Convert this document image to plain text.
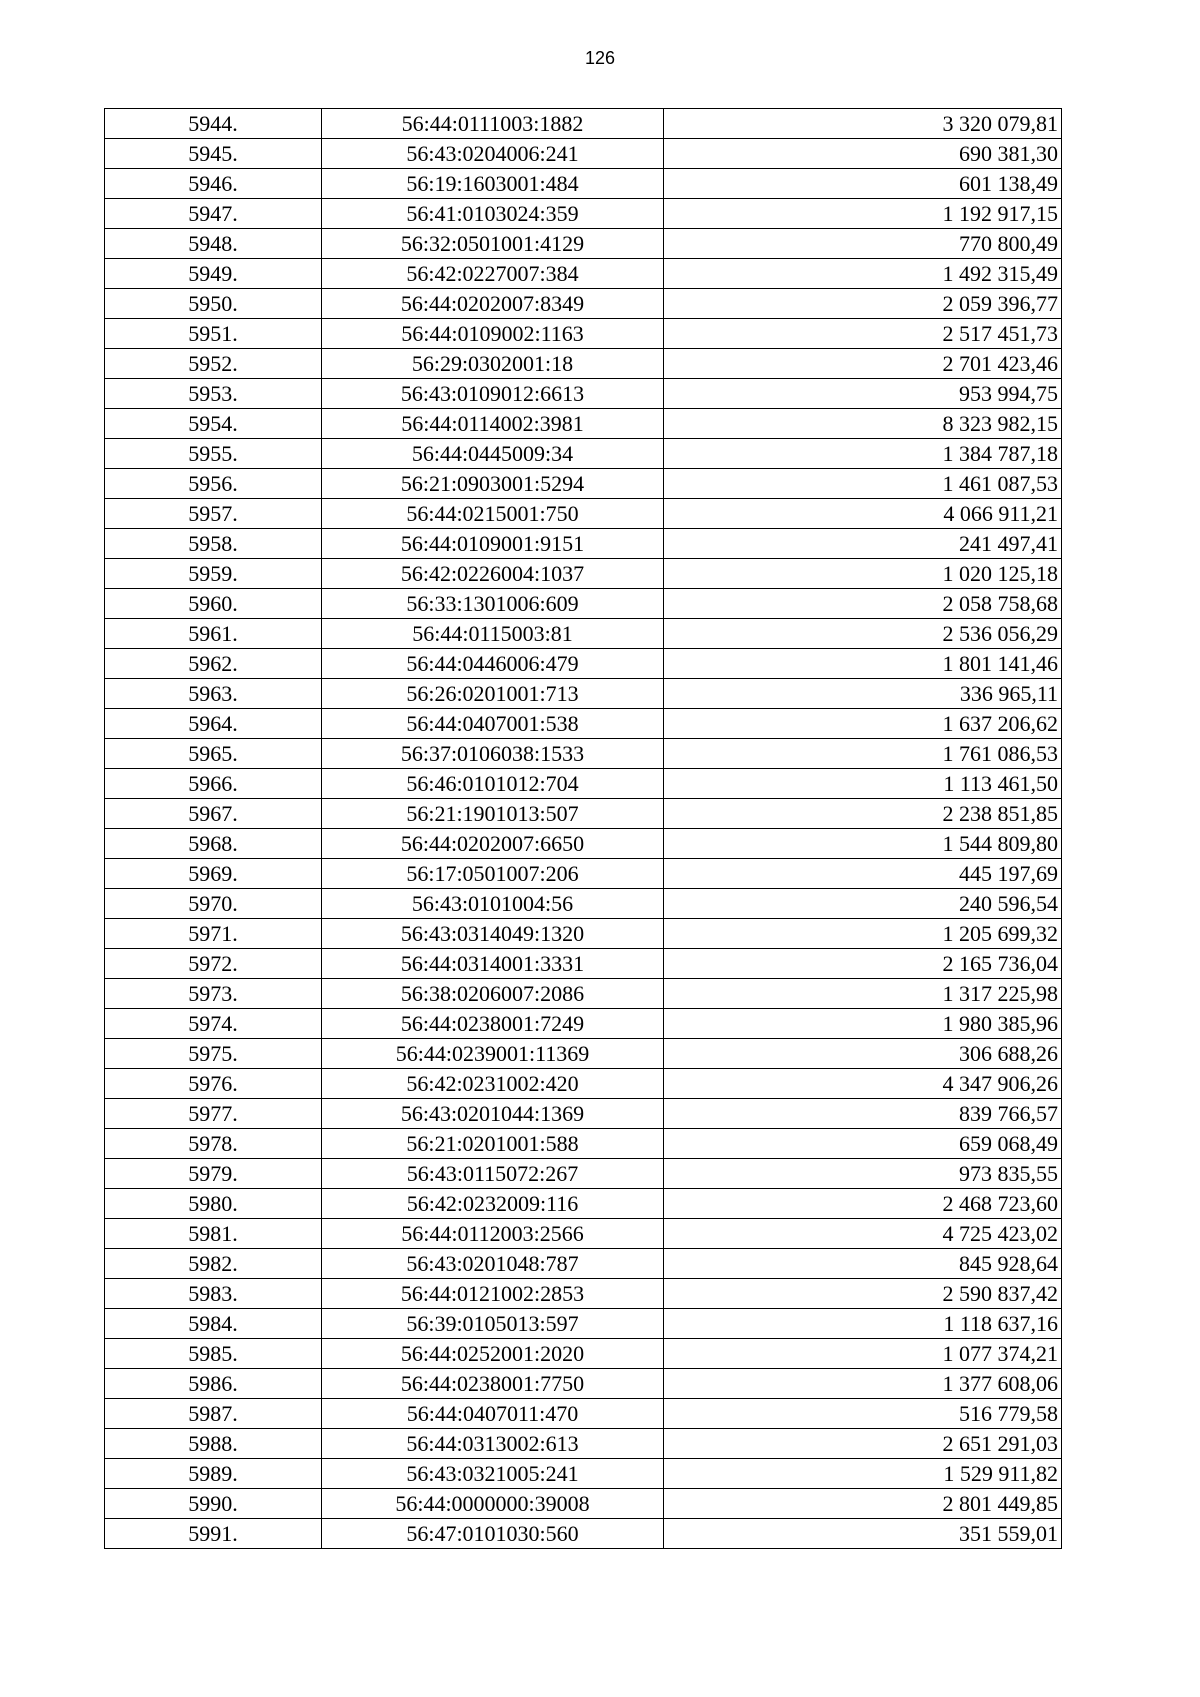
126
5944.	56:44:0111003:1882	3 320 079,81
5945.	56:43:0204006:241	690 381,30
5946.	56:19:1603001:484	601 138,49
5947.	56:41:0103024:359	1 192 917,15
5948.	56:32:0501001:4129	770 800,49
5949.	56:42:0227007:384	1 492 315,49
5950.	56:44:0202007:8349	2 059 396,77
5951.	56:44:0109002:1163	2 517 451,73
5952.	56:29:0302001:18	2 701 423,46
5953.	56:43:0109012:6613	953 994,75
5954.	56:44:0114002:3981	8 323 982,15
5955.	56:44:0445009:34	1 384 787,18
5956.	56:21:0903001:5294	1 461 087,53
5957.	56:44:0215001:750	4 066 911,21
5958.	56:44:0109001:9151	241 497,41
5959.	56:42:0226004:1037	1 020 125,18
5960.	56:33:1301006:609	2 058 758,68
5961.	56:44:0115003:81	2 536 056,29
5962.	56:44:0446006:479	1 801 141,46
5963.	56:26:0201001:713	336 965,11
5964.	56:44:0407001:538	1 637 206,62
5965.	56:37:0106038:1533	1 761 086,53
5966.	56:46:0101012:704	1 113 461,50
5967.	56:21:1901013:507	2 238 851,85
5968.	56:44:0202007:6650	1 544 809,80
5969.	56:17:0501007:206	445 197,69
5970.	56:43:0101004:56	240 596,54
5971.	56:43:0314049:1320	1 205 699,32
5972.	56:44:0314001:3331	2 165 736,04
5973.	56:38:0206007:2086	1 317 225,98
5974.	56:44:0238001:7249	1 980 385,96
5975.	56:44:0239001:11369	306 688,26
5976.	56:42:0231002:420	4 347 906,26
5977.	56:43:0201044:1369	839 766,57
5978.	56:21:0201001:588	659 068,49
5979.	56:43:0115072:267	973 835,55
5980.	56:42:0232009:116	2 468 723,60
5981.	56:44:0112003:2566	4 725 423,02
5982.	56:43:0201048:787	845 928,64
5983.	56:44:0121002:2853	2 590 837,42
5984.	56:39:0105013:597	1 118 637,16
5985.	56:44:0252001:2020	1 077 374,21
5986.	56:44:0238001:7750	1 377 608,06
5987.	56:44:0407011:470	516 779,58
5988.	56:44:0313002:613	2 651 291,03
5989.	56:43:0321005:241	1 529 911,82
5990.	56:44:0000000:39008	2 801 449,85
5991.	56:47:0101030:560	351 559,01
